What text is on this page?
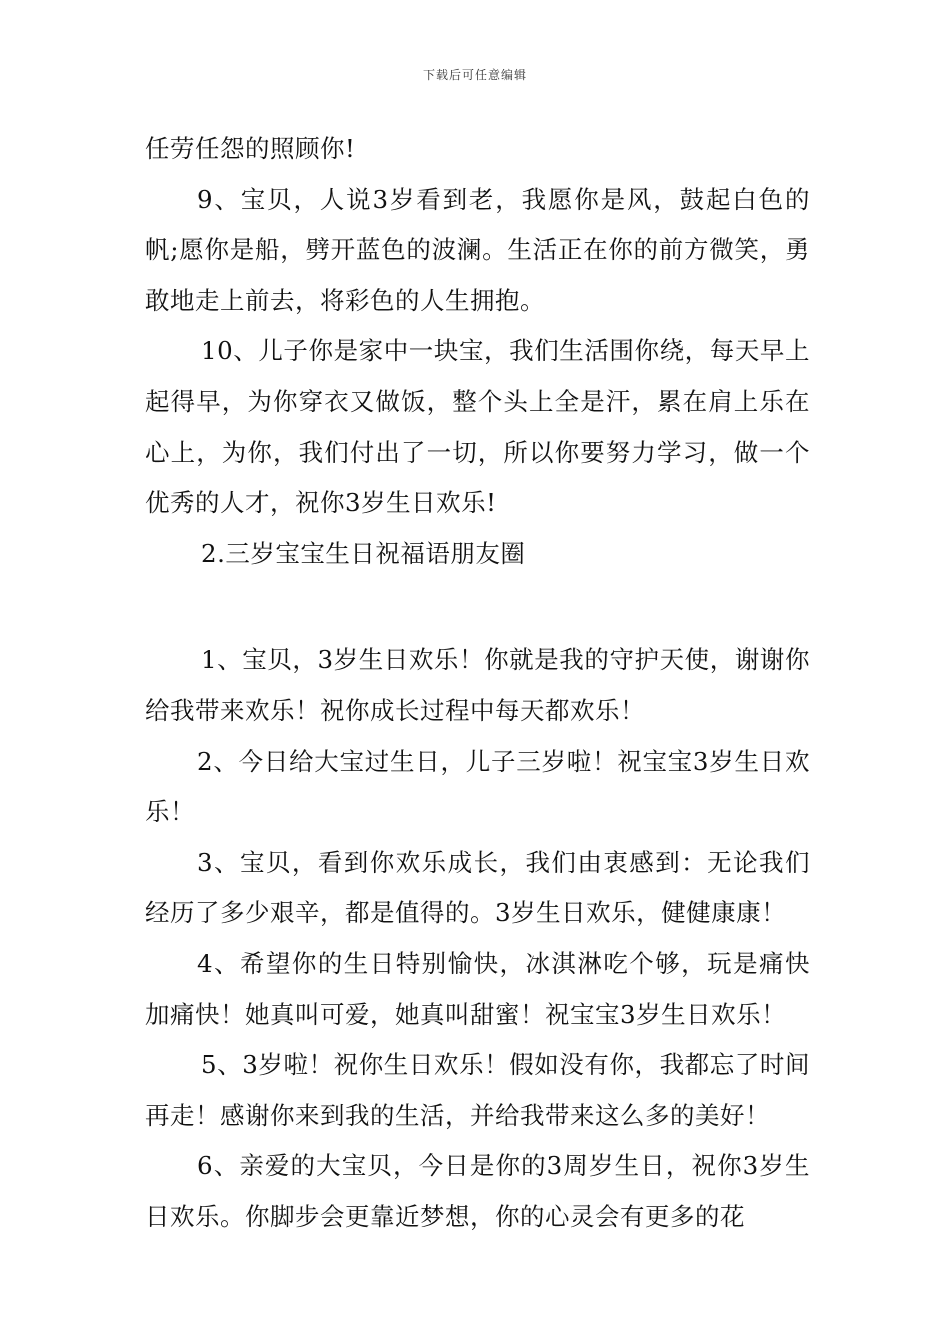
下载后可任意编辑

任劳任怨的照顾你!

9、宝贝，人说3岁看到老，我愿你是风，鼓起白色的帆;愿你是船，劈开蓝色的波澜。生活正在你的前方微笑，勇敢地走上前去，将彩色的人生拥抱。

10、儿子你是家中一块宝，我们生活围你绕，每天早上起得早，为你穿衣又做饭，整个头上全是汗，累在肩上乐在心上，为你，我们付出了一切，所以你要努力学习，做一个优秀的人才，祝你3岁生日欢乐!

2.三岁宝宝生日祝福语朋友圈

1、宝贝，3岁生日欢乐！你就是我的守护天使，谢谢你给我带来欢乐！祝你成长过程中每天都欢乐！

2、今日给大宝过生日，儿子三岁啦！祝宝宝3岁生日欢乐！

3、宝贝，看到你欢乐成长，我们由衷感到：无论我们经历了多少艰辛，都是值得的。3岁生日欢乐，健健康康！

4、希望你的生日特别愉快，冰淇淋吃个够，玩是痛快加痛快！她真叫可爱，她真叫甜蜜！祝宝宝3岁生日欢乐！

5、3岁啦！祝你生日欢乐！假如没有你，我都忘了时间再走！感谢你来到我的生活，并给我带来这么多的美好！

6、亲爱的大宝贝，今日是你的3周岁生日，祝你3岁生日欢乐。你脚步会更靠近梦想，你的心灵会有更多的花
